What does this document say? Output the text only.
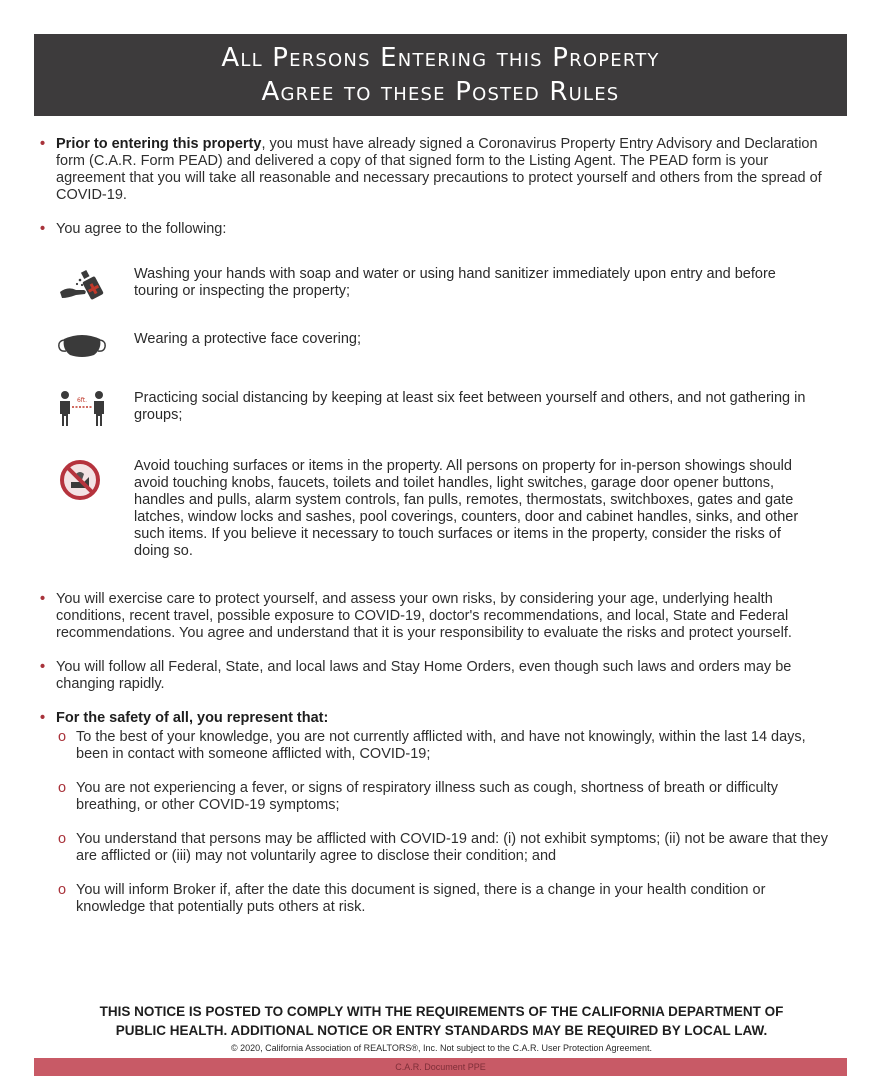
All Persons Entering this Property
Agree to these Posted Rules
• Prior to entering this property, you must have already signed a Coronavirus Property Entry Advisory and Declaration form (C.A.R. Form PEAD) and delivered a copy of that signed form to the Listing Agent. The PEAD form is your agreement that you will take all reasonable and necessary precautions to protect yourself and others from the spread of COVID-19.
• You agree to the following:
Washing your hands with soap and water or using hand sanitizer immediately upon entry and before touring or inspecting the property;
Wearing a protective face covering;
6ft.	Practicing social distancing by keeping at least six feet between yourself and others, and not gathering in groups;
Avoid touching surfaces or items in the property. All persons on property for in-person showings should avoid touching knobs, faucets, toilets and toilet handles, light switches, garage door opener buttons, handles and pulls, alarm system controls, fan pulls, remotes, thermostats, switchboxes, gates and gate latches, window locks and sashes, pool coverings, counters, door and cabinet handles, sinks, and other such items. If you believe it necessary to touch surfaces or items in the property, consider the risks of doing so.
• You will exercise care to protect yourself, and assess your own risks, by considering your age, underlying health conditions, recent travel, possible exposure to COVID-19, doctor's recommendations, and local, State and Federal recommendations. You agree and understand that it is your responsibility to evaluate the risks and protect yourself.
• You will follow all Federal, State, and local laws and Stay Home Orders, even though such laws and orders may be changing rapidly.
• For the safety of all, you represent that:
o To the best of your knowledge, you are not currently afflicted with, and have not knowingly, within the last 14 days, been in contact with someone afflicted with, COVID-19;
o You are not experiencing a fever, or signs of respiratory illness such as cough, shortness of breath or difficulty breathing, or other COVID-19 symptoms;
o You understand that persons may be afflicted with COVID-19 and: (i) not exhibit symptoms; (ii) not be aware that they are afflicted or (iii) may not voluntarily agree to disclose their condition; and
o You will inform Broker if, after the date this document is signed, there is a change in your health condition or knowledge that potentially puts others at risk.
THIS NOTICE IS POSTED TO COMPLY WITH THE REQUIREMENTS OF THE CALIFORNIA DEPARTMENT OF
PUBLIC HEALTH. ADDITIONAL NOTICE OR ENTRY STANDARDS MAY BE REQUIRED BY LOCAL LAW.
© 2020, California Association of REALTORS®, Inc. Not subject to the C.A.R. User Protection Agreement.
C.A.R. Document PPE
